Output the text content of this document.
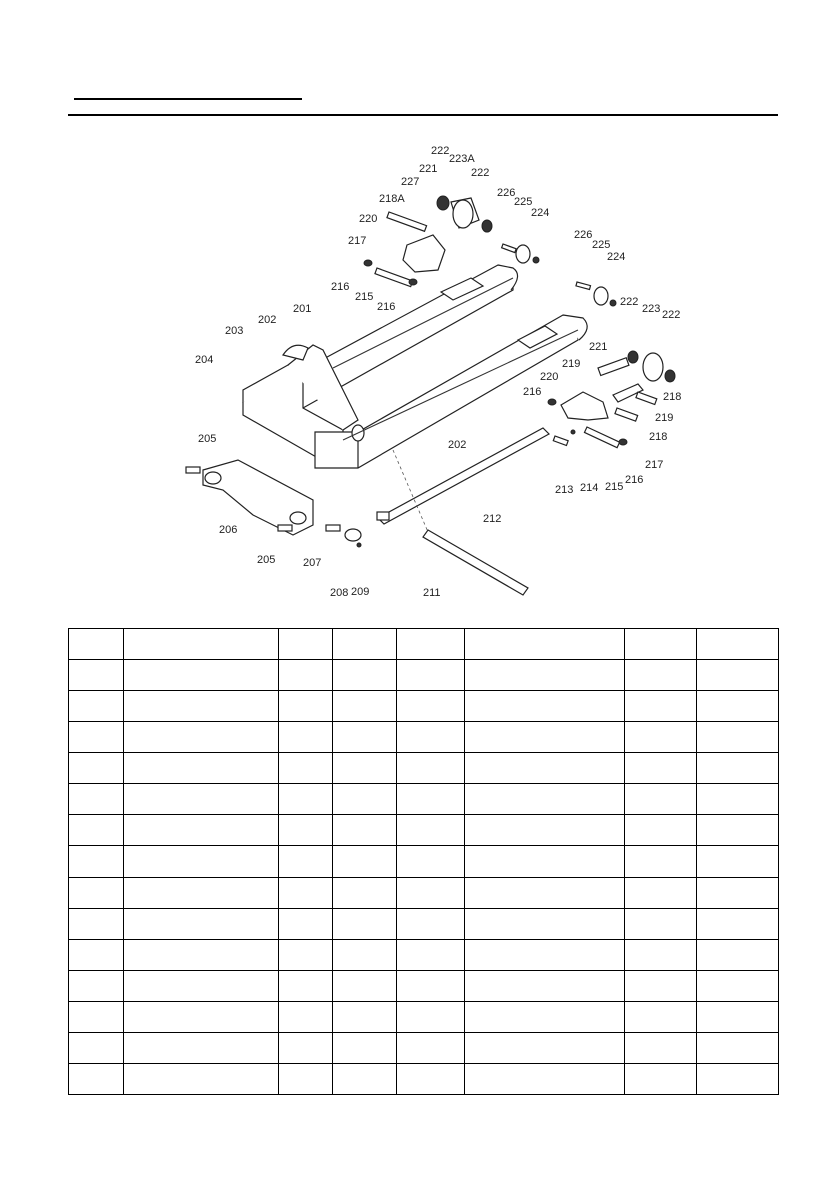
222
223A
222
221
227
218A
220
217
216
215
216
226
225
224
226
225
224
222
223 222
201
202
203
204
221
219
220
216	218
219
218
217
216
215
214
213
202
212
205
206
205	207
208 209	211
